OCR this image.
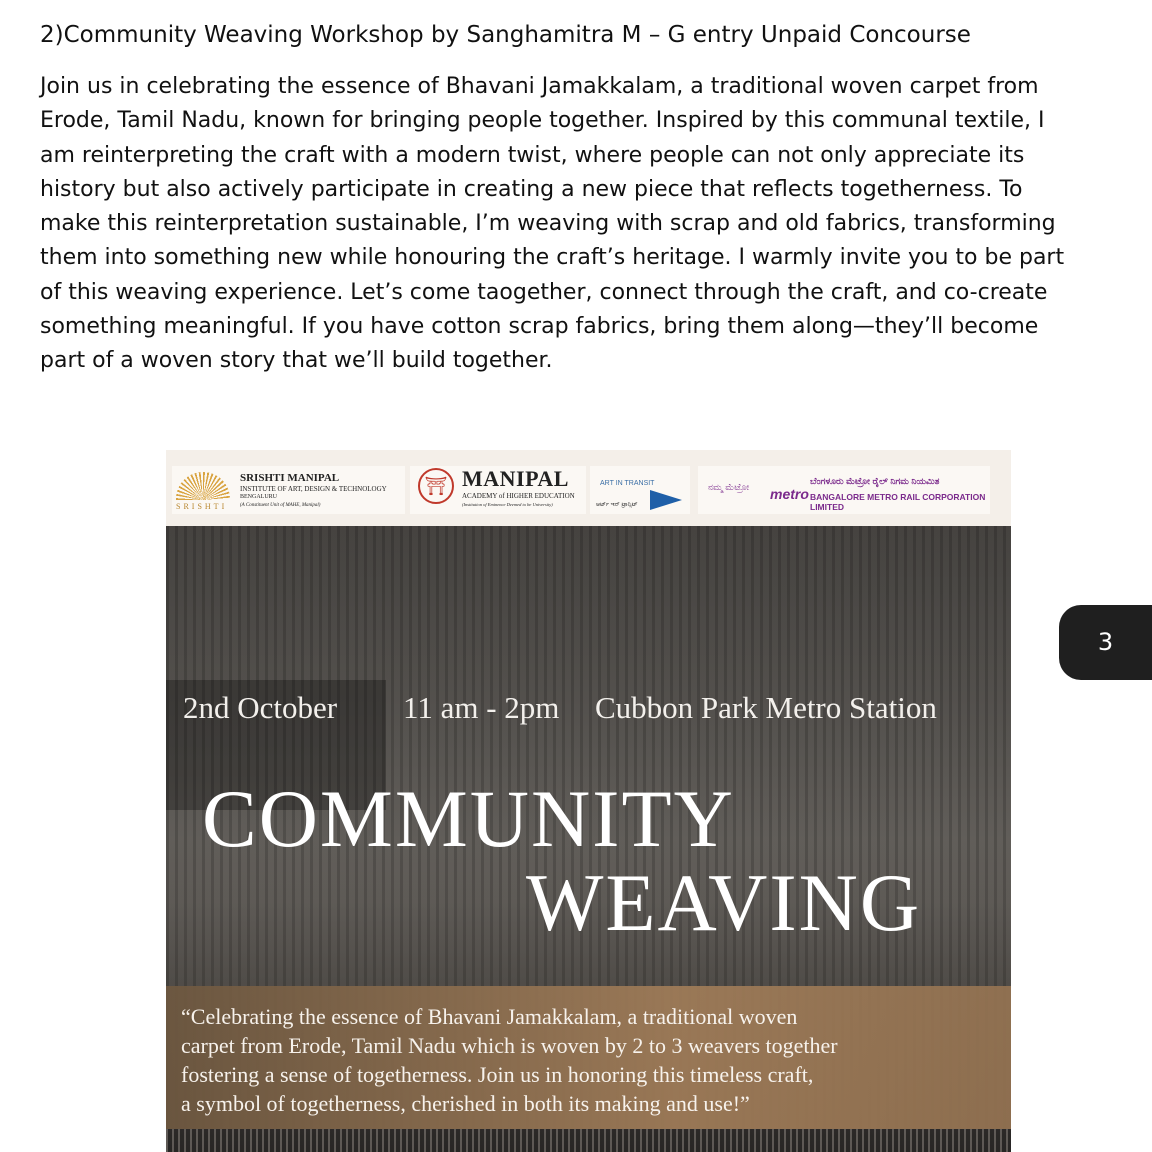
2)Community Weaving Workshop by Sanghamitra M – G entry Unpaid Concourse

Join us in celebrating the essence of Bhavani Jamakkalam, a traditional woven carpet from
Erode, Tamil Nadu, known for bringing people together. Inspired by this communal textile, I
am reinterpreting the craft with a modern twist, where people can not only appreciate its
history but also actively participate in creating a new piece that reflects togetherness. To
make this reinterpretation sustainable, I’m weaving with scrap and old fabrics, transforming
them into something new while honouring the craft’s heritage. I warmly invite you to be part
of this weaving experience. Let’s come taogether, connect through the craft, and co-create
something meaningful. If you have cotton scrap fabrics, bring them along—they’ll become
part of a woven story that we’ll build together.

SRISHTI
SRISHTI MANIPAL
INSTITUTE OF ART, DESIGN & TECHNOLOGY
BENGALURU
(A Constituent Unit of MAHE, Manipal)
⛩ MANIPAL
ACADEMY of HIGHER EDUCATION
(Institution of Eminence Deemed to be University)
ART IN TRANSIT
ಆರ್ಟ್ ಇನ್ ಟ್ರಾನ್ಸಿಟ್
ನಮ್ಮ ಮೆಟ್ರೋ metro
ಬೆಂಗಳೂರು ಮೆಟ್ರೋ ರೈಲ್ ನಿಗಮ ನಿಯಮಿತ
BANGALORE METRO RAIL CORPORATION LIMITED
2nd October 11 am - 2pm Cubbon Park Metro Station
COMMUNITY
WEAVING

“Celebrating the essence of Bhavani Jamakkalam, a traditional woven
carpet from Erode, Tamil Nadu which is woven by 2 to 3 weavers together
fostering a sense of togetherness. Join us in honoring this timeless craft,
a symbol of togetherness, cherished in both its making and use!”

3
